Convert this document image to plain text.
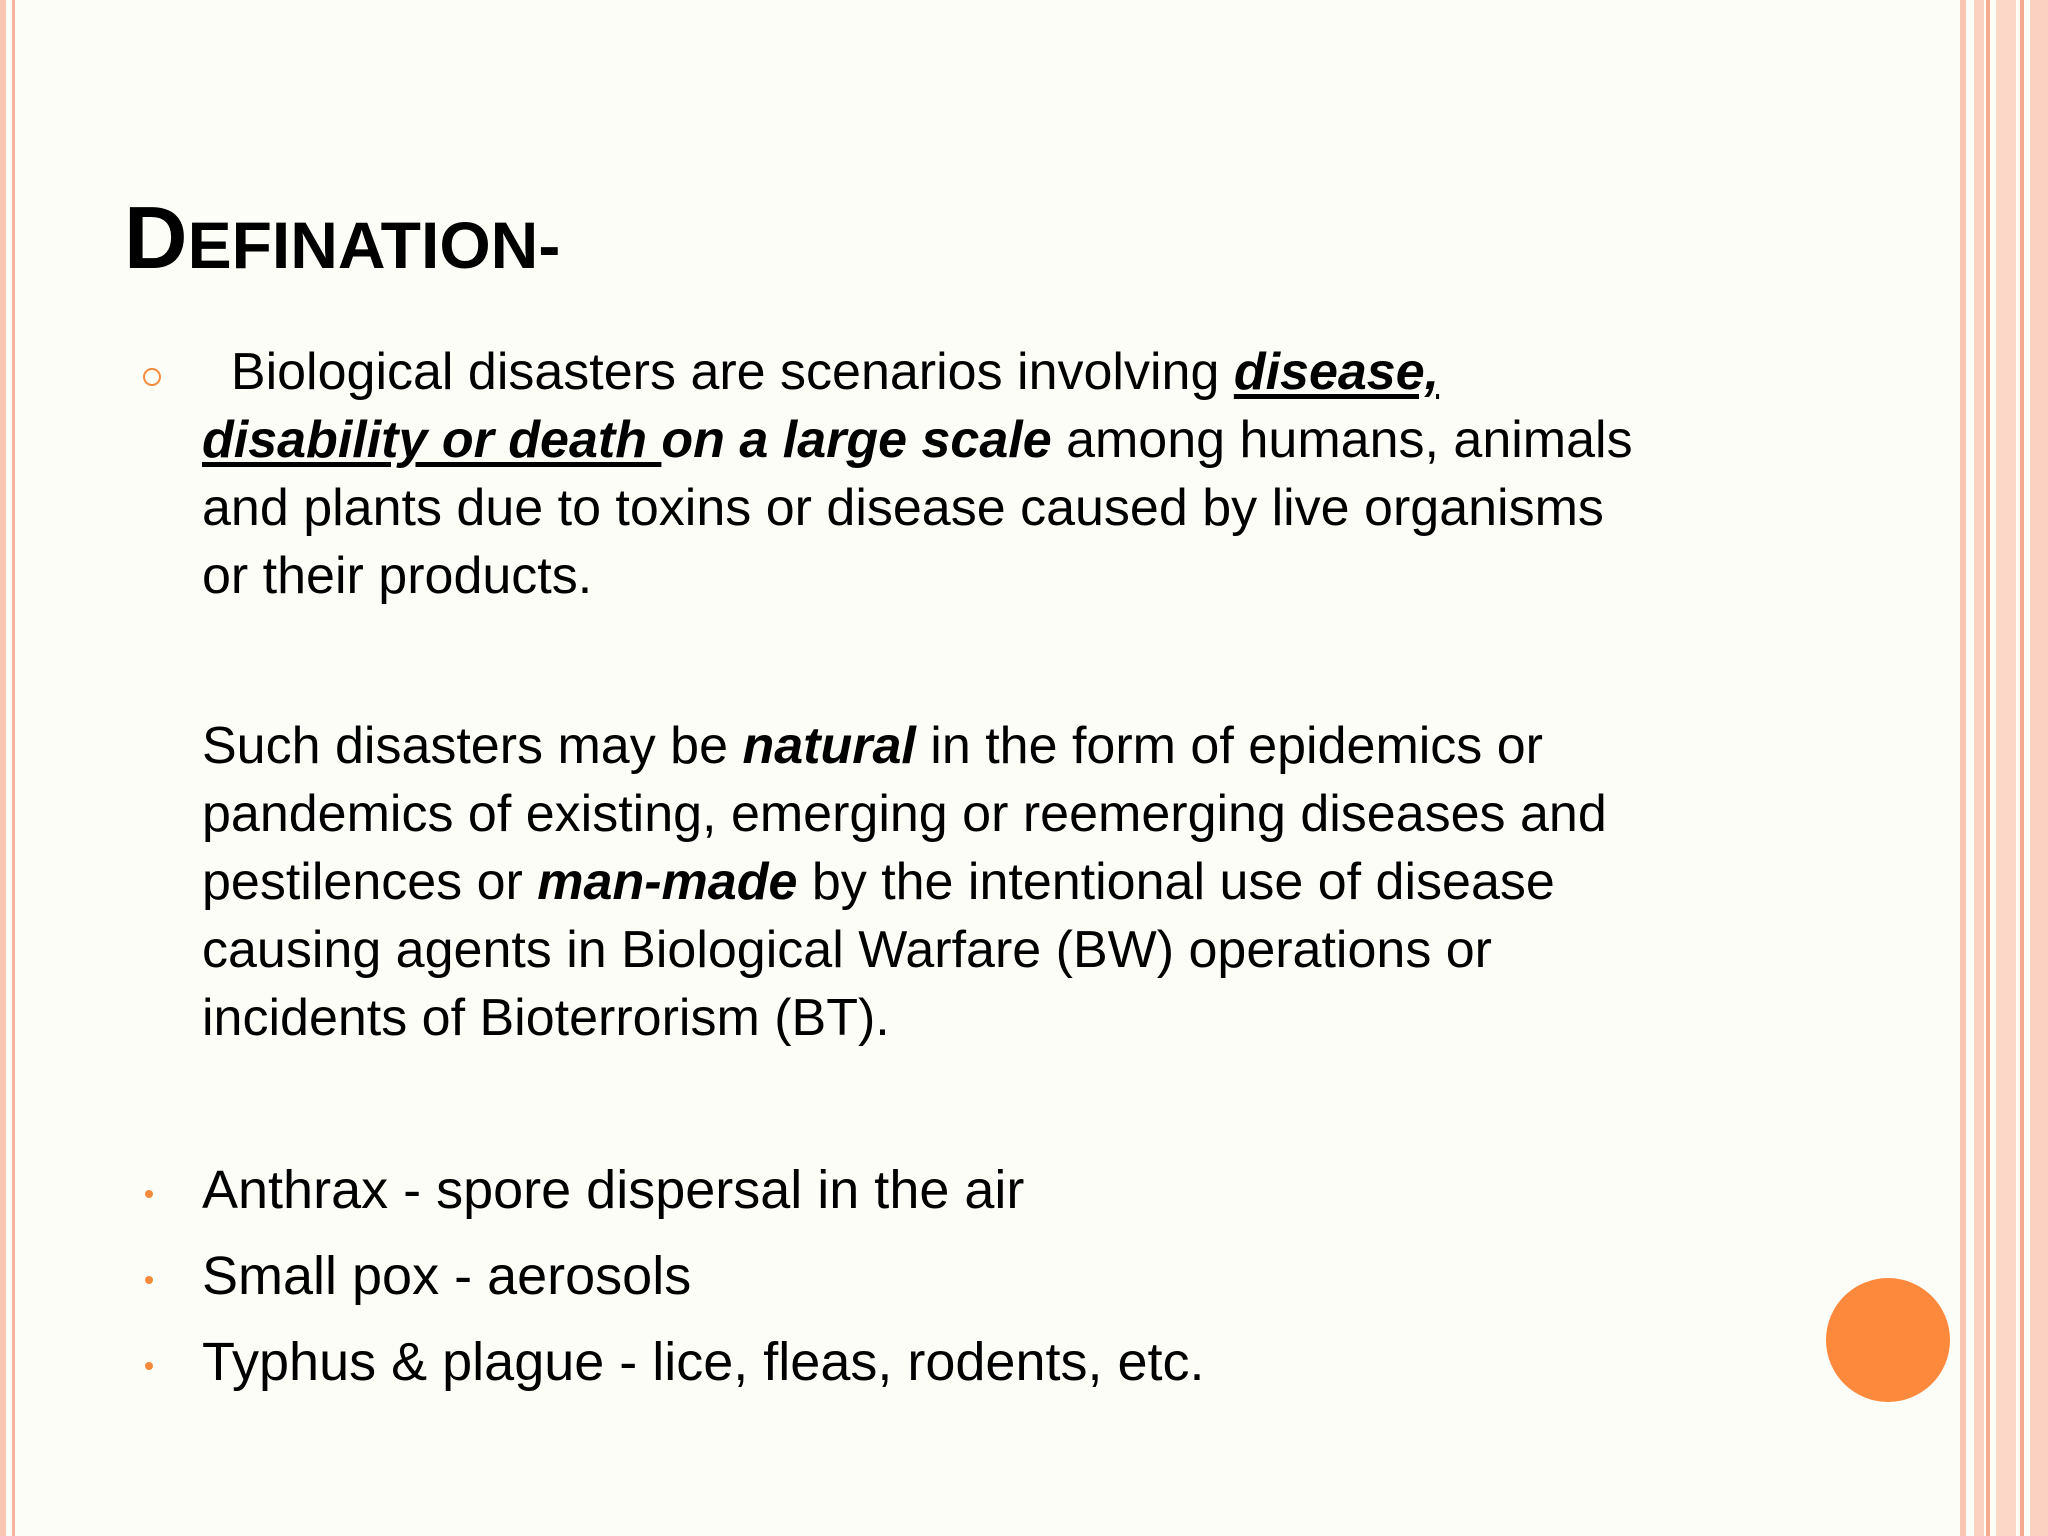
DEFINATION-
Biological disasters are scenarios involving disease,
disability or death on a large scale among humans, animals
and plants due to toxins or disease caused by live organisms
or their products.
Such disasters may be natural in the form of epidemics or
pandemics of existing, emerging or reemerging diseases and
pestilences or man-made by the intentional use of disease
causing agents in Biological Warfare (BW) operations or
incidents of Bioterrorism (BT).

Anthrax - spore dispersal in the air

Small pox - aerosols

Typhus & plague - lice, fleas, rodents, etc.
